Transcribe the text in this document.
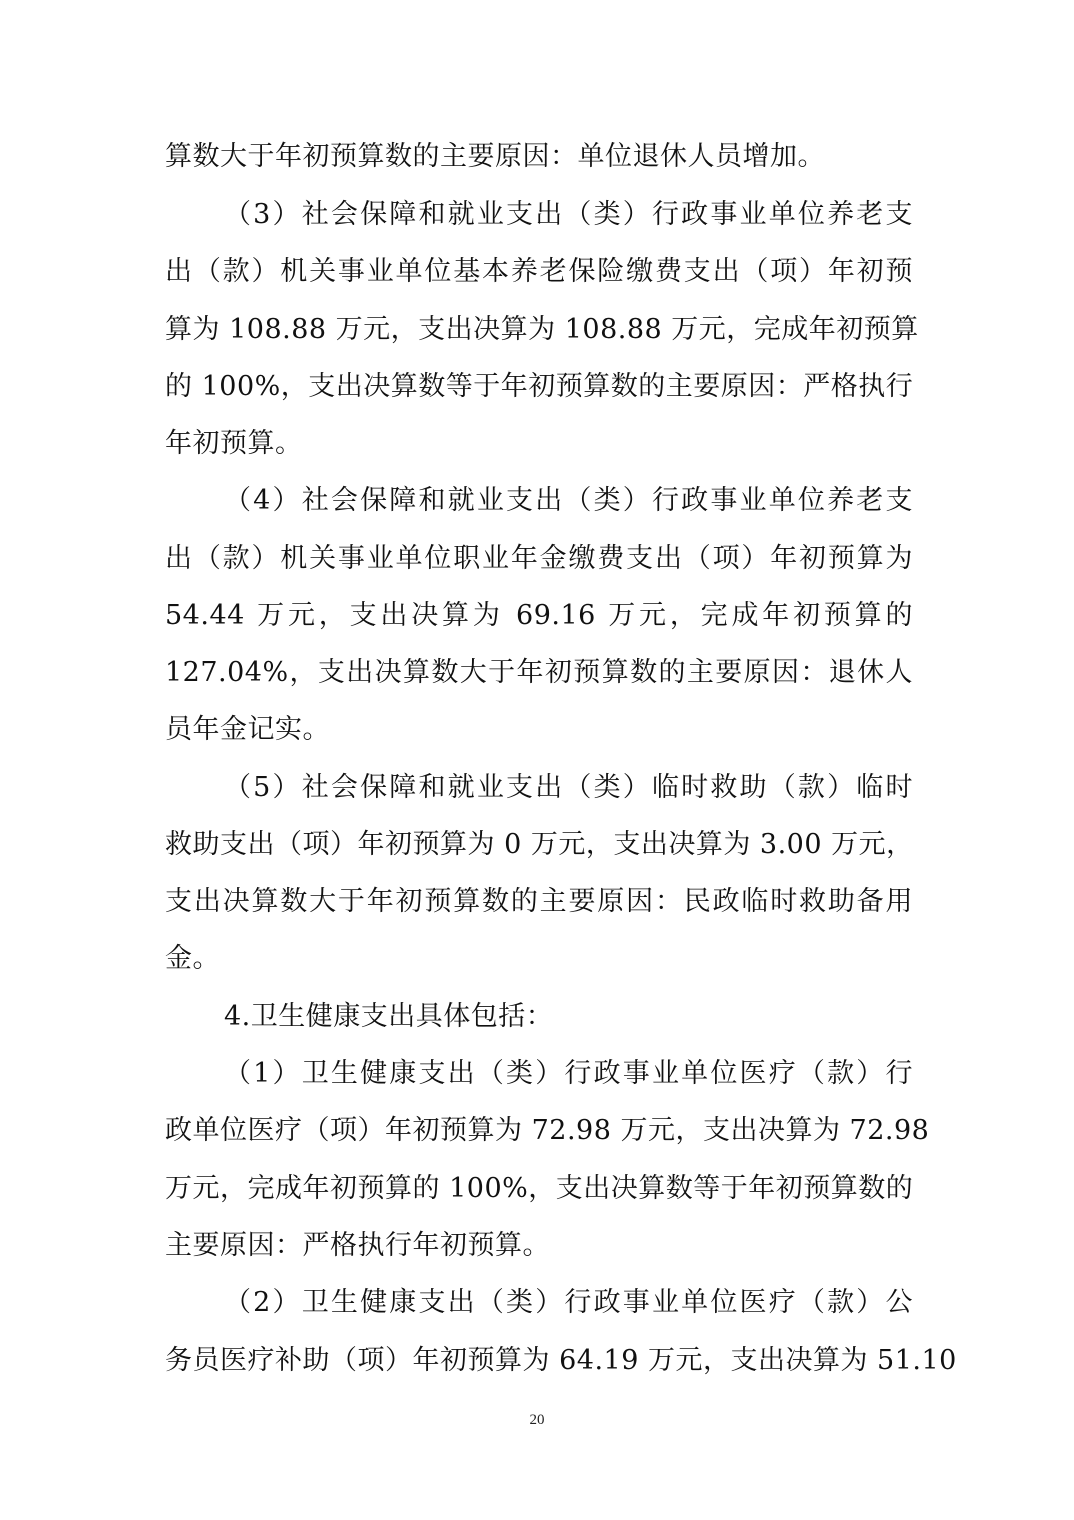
算数大于年初预算数的主要原因：单位退休人员增加。
（3）社会保障和就业支出（类）行政事业单位养老支
出（款）机关事业单位基本养老保险缴费支出（项）年初预
算为 108.88 万元，支出决算为 108.88 万元，完成年初预算
的 100%，支出决算数等于年初预算数的主要原因：严格执行
年初预算。
（4）社会保障和就业支出（类）行政事业单位养老支
出（款）机关事业单位职业年金缴费支出（项）年初预算为
54.44 万元，支出决算为 69.16 万元，完成年初预算的
127.04%，支出决算数大于年初预算数的主要原因：退休人
员年金记实。
（5）社会保障和就业支出（类）临时救助（款）临时
救助支出（项）年初预算为 0 万元，支出决算为 3.00 万元，
支出决算数大于年初预算数的主要原因：民政临时救助备用
金。
4.卫生健康支出具体包括：
（1）卫生健康支出（类）行政事业单位医疗（款）行
政单位医疗（项）年初预算为 72.98 万元，支出决算为 72.98
万元，完成年初预算的 100%，支出决算数等于年初预算数的
主要原因：严格执行年初预算。
（2）卫生健康支出（类）行政事业单位医疗（款）公
务员医疗补助（项）年初预算为 64.19 万元，支出决算为 51.10
20
